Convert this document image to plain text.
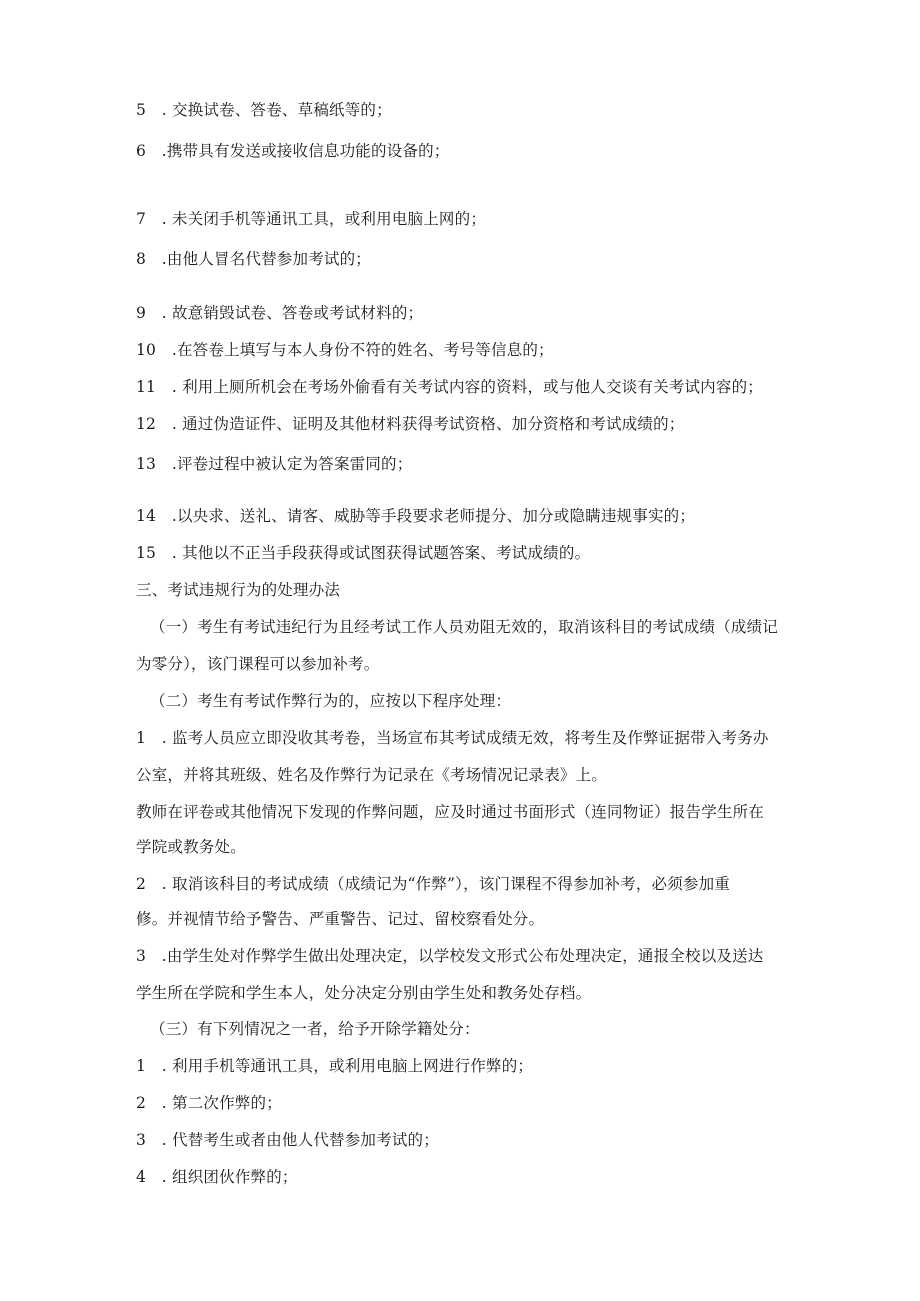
5　. 交换试卷、答卷、草稿纸等的；
6　.携带具有发送或接收信息功能的设备的；
7　. 未关闭手机等通讯工具，或利用电脑上网的；
8　.由他人冒名代替参加考试的；
9　. 故意销毁试卷、答卷或考试材料的；
10　.在答卷上填写与本人身份不符的姓名、考号等信息的；
11　. 利用上厕所机会在考场外偷看有关考试内容的资料，或与他人交谈有关考试内容的；
12　. 通过伪造证件、证明及其他材料获得考试资格、加分资格和考试成绩的；
13　.评卷过程中被认定为答案雷同的；
14　.以央求、送礼、请客、威胁等手段要求老师提分、加分或隐瞒违规事实的；
15　. 其他以不正当手段获得或试图获得试题答案、考试成绩的。
三、考试违规行为的处理办法
（一）考生有考试违纪行为且经考试工作人员劝阻无效的，取消该科目的考试成绩（成绩记
为零分），该门课程可以参加补考。
（二）考生有考试作弊行为的，应按以下程序处理：
1　. 监考人员应立即没收其考卷，当场宣布其考试成绩无效，将考生及作弊证据带入考务办
公室，并将其班级、姓名及作弊行为记录在《考场情况记录表》上。
教师在评卷或其他情况下发现的作弊问题，应及时通过书面形式（连同物证）报告学生所在
学院或教务处。
2　. 取消该科目的考试成绩（成绩记为“作弊”），该门课程不得参加补考，必须参加重
修。并视情节给予警告、严重警告、记过、留校察看处分。
3　.由学生处对作弊学生做出处理决定，以学校发文形式公布处理决定，通报全校以及送达
学生所在学院和学生本人，处分决定分别由学生处和教务处存档。
（三）有下列情况之一者，给予开除学籍处分：
1　. 利用手机等通讯工具，或利用电脑上网进行作弊的；
2　. 第二次作弊的；
3　. 代替考生或者由他人代替参加考试的；
4　. 组织团伙作弊的；
